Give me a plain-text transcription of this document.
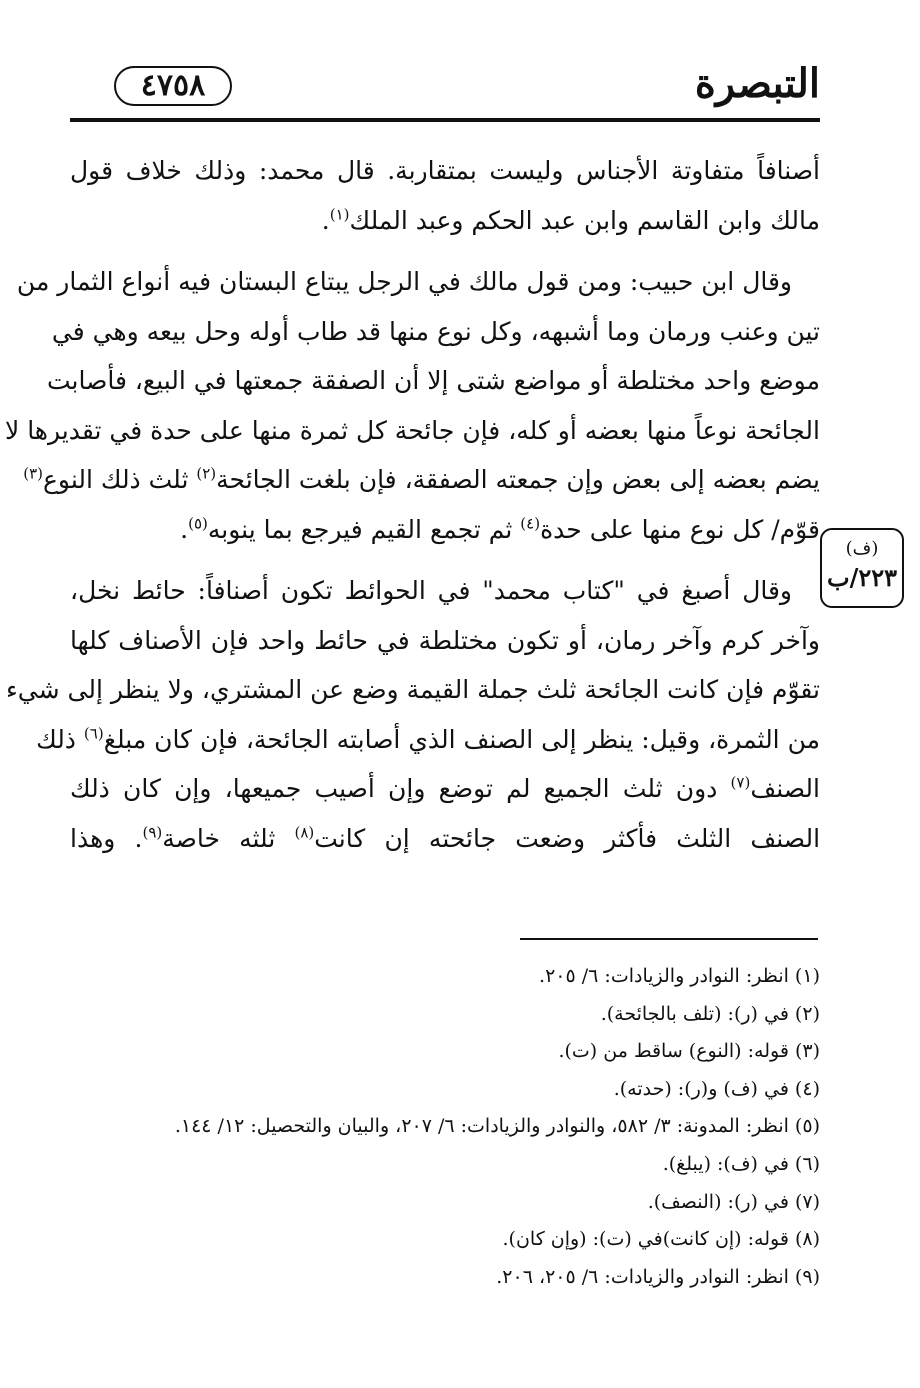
التبصرة
٤٧٥٨

أصنافاً متفاوتة الأجناس وليست بمتقاربة. قال محمد: وذلك خلاف قول
مالك وابن القاسم وابن عبد الحكم وعبد الملك$^{(١)}$.

وقال ابن حبيب: ومن قول مالك في الرجل يبتاع البستان فيه أنواع الثمار من
تين وعنب ورمان وما أشبهه، وكل نوع منها قد طاب أوله وحل بيعه وهي في
موضع واحد مختلطة أو مواضع شتى إلا أن الصفقة جمعتها في البيع، فأصابت
الجائحة نوعاً منها بعضه أو كله، فإن جائحة كل ثمرة منها على حدة في تقديرها لا
يضم بعضه إلى بعض وإن جمعته الصفقة، فإن بلغت الجائحة$^{(٢)}$ ثلث ذلك النوع$^{(٣)}$
قوّم/ كل نوع منها على حدة$^{(٤)}$ ثم تجمع القيم فيرجع بما ينوبه$^{(٥)}$.

وقال أصبغ في "كتاب محمد" في الحوائط تكون أصنافاً: حائط نخل،
وآخر كرم وآخر رمان، أو تكون مختلطة في حائط واحد فإن الأصناف كلها
تقوّم فإن كانت الجائحة ثلث جملة القيمة وضع عن المشتري، ولا ينظر إلى شيء
من الثمرة، وقيل: ينظر إلى الصنف الذي أصابته الجائحة، فإن كان مبلغ$^{(٦)}$ ذلك
الصنف$^{(٧)}$ دون ثلث الجميع لم توضع وإن أصيب جميعها، وإن كان ذلك
الصنف الثلث فأكثر وضعت جائحته إن كانت$^{(٨)}$ ثلثه خاصة$^{(٩)}$. وهذا

(ف)
٢٢٣/ب

(١) انظر: النوادر والزيادات: ٦/ ٢٠٥.

(٢) في (ر): (تلف بالجائحة).

(٣) قوله: (النوع) ساقط من (ت).

(٤) في (ف) و(ر): (حدته).

(٥) انظر: المدونة: ٣/ ٥٨٢، والنوادر والزيادات: ٦/ ٢٠٧، والبيان والتحصيل: ١٢/ ١٤٤.

(٦) في (ف): (يبلغ).

(٧) في (ر): (النصف).

(٨) قوله: (إن كانت)في (ت): (وإن كان).

(٩) انظر: النوادر والزيادات: ٦/ ٢٠٥، ٢٠٦.
